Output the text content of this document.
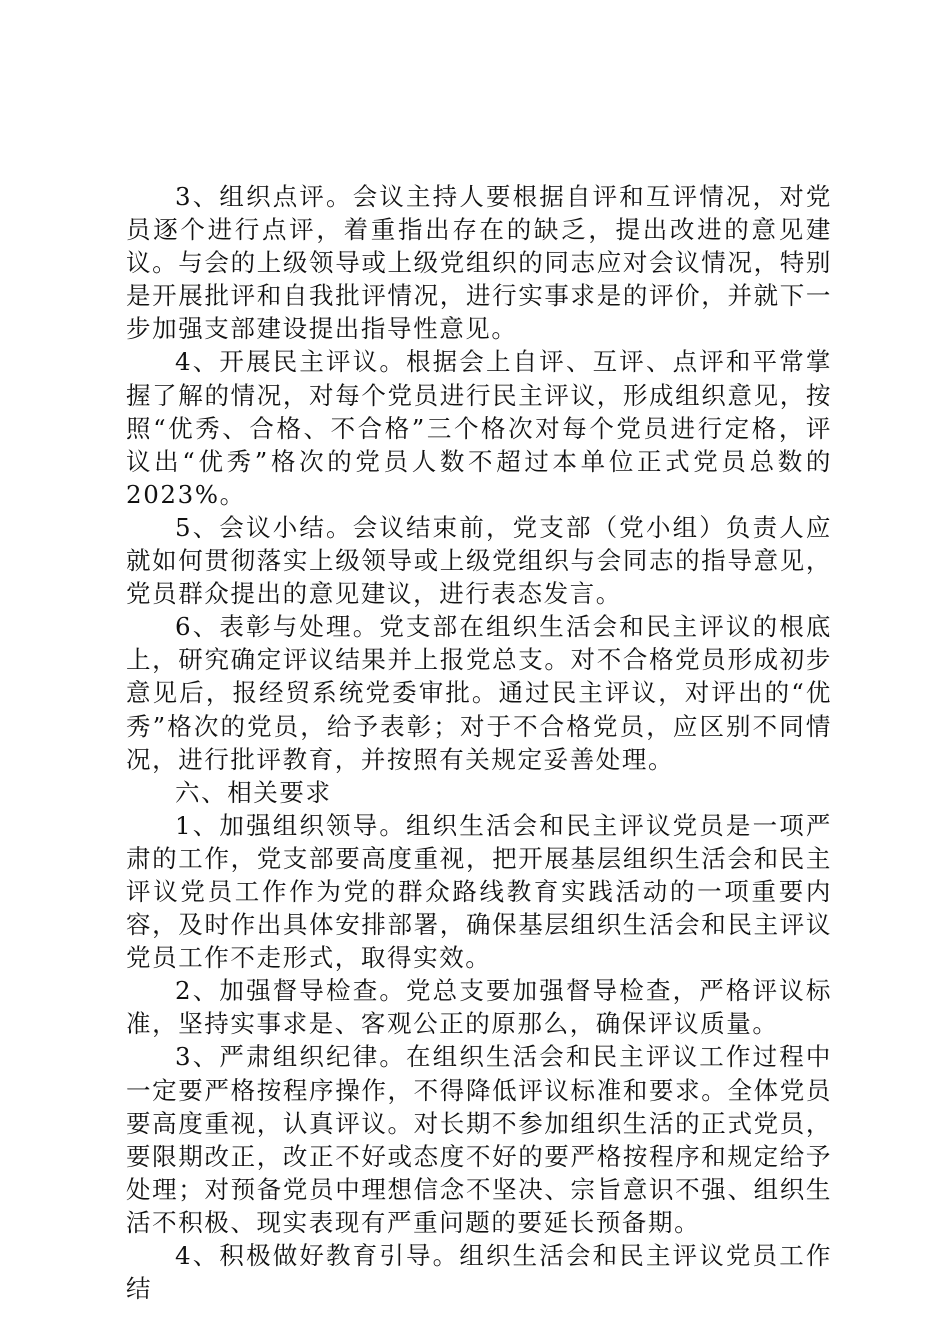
3、组织点评。会议主持人要根据自评和互评情况，对党员逐个进行点评，着重指出存在的缺乏，提出改进的意见建议。与会的上级领导或上级党组织的同志应对会议情况，特别是开展批评和自我批评情况，进行实事求是的评价，并就下一步加强支部建设提出指导性意见。

4、开展民主评议。根据会上自评、互评、点评和平常掌握了解的情况，对每个党员进行民主评议，形成组织意见，按照“优秀、合格、不合格”三个格次对每个党员进行定格，评议出“优秀”格次的党员人数不超过本单位正式党员总数的2023%。

5、会议小结。会议结束前，党支部（党小组）负责人应就如何贯彻落实上级领导或上级党组织与会同志的指导意见，党员群众提出的意见建议，进行表态发言。

6、表彰与处理。党支部在组织生活会和民主评议的根底上，研究确定评议结果并上报党总支。对不合格党员形成初步意见后，报经贸系统党委审批。通过民主评议，对评出的“优秀”格次的党员，给予表彰；对于不合格党员，应区别不同情况，进行批评教育，并按照有关规定妥善处理。

六、相关要求

1、加强组织领导。组织生活会和民主评议党员是一项严肃的工作，党支部要高度重视，把开展基层组织生活会和民主评议党员工作作为党的群众路线教育实践活动的一项重要内容，及时作出具体安排部署，确保基层组织生活会和民主评议党员工作不走形式，取得实效。

2、加强督导检查。党总支要加强督导检查，严格评议标准，坚持实事求是、客观公正的原那么，确保评议质量。

3、严肃组织纪律。在组织生活会和民主评议工作过程中一定要严格按程序操作，不得降低评议标准和要求。全体党员要高度重视，认真评议。对长期不参加组织生活的正式党员，要限期改正，改正不好或态度不好的要严格按程序和规定给予处理；对预备党员中理想信念不坚决、宗旨意识不强、组织生活不积极、现实表现有严重问题的要延长预备期。

4、积极做好教育引导。组织生活会和民主评议党员工作结
